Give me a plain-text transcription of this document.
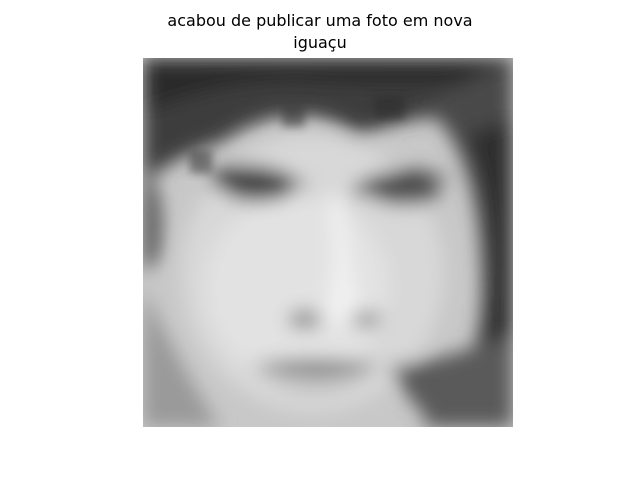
acabou de publicar uma foto em nova
iguaçu
